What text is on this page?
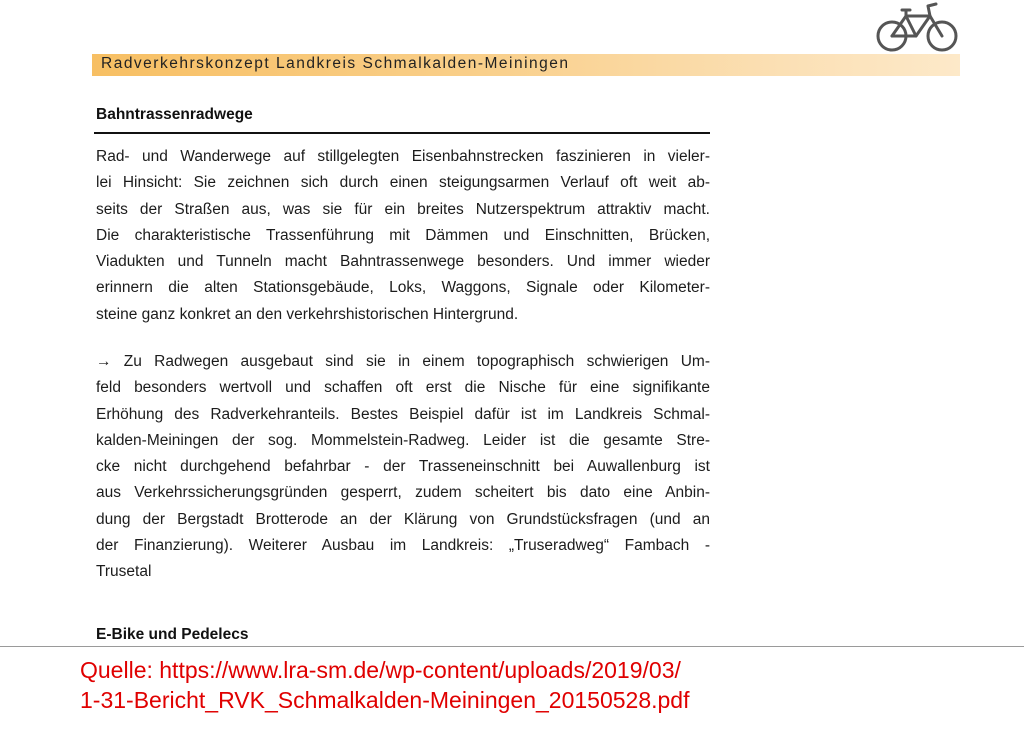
Radverkehrskonzept Landkreis Schmalkalden-Meiningen
Bahntrassenradwege
Rad- und Wanderwege auf stillgelegten Eisenbahnstrecken faszinieren in vieler-
lei Hinsicht: Sie zeichnen sich durch einen steigungsarmen Verlauf oft weit ab-
seits der Straßen aus, was sie für ein breites Nutzerspektrum attraktiv macht.
Die charakteristische Trassenführung mit Dämmen und Einschnitten, Brücken,
Viadukten und Tunneln macht Bahntrassenwege besonders. Und immer wieder
erinnern die alten Stationsgebäude, Loks, Waggons, Signale oder Kilometer-
steine ganz konkret an den verkehrshistorischen Hintergrund.
→ Zu Radwegen ausgebaut sind sie in einem topographisch schwierigen Um-
feld besonders wertvoll und schaffen oft erst die Nische für eine signifikante
Erhöhung des Radverkehranteils. Bestes Beispiel dafür ist im Landkreis Schmal-
kalden-Meiningen der sog. Mommelstein-Radweg. Leider ist die gesamte Stre-
cke nicht durchgehend befahrbar - der Trasseneinschnitt bei Auwallenburg ist
aus Verkehrssicherungsgründen gesperrt, zudem scheitert bis dato eine Anbin-
dung der Bergstadt Brotterode an der Klärung von Grundstücksfragen (und an
der Finanzierung). Weiterer Ausbau im Landkreis: „Truseradweg“ Fambach -
Trusetal
E-Bike und Pedelecs
Quelle: https://www.lra-sm.de/wp-content/uploads/2019/03/
1-31-Bericht_RVK_Schmalkalden-Meiningen_20150528.pdf
